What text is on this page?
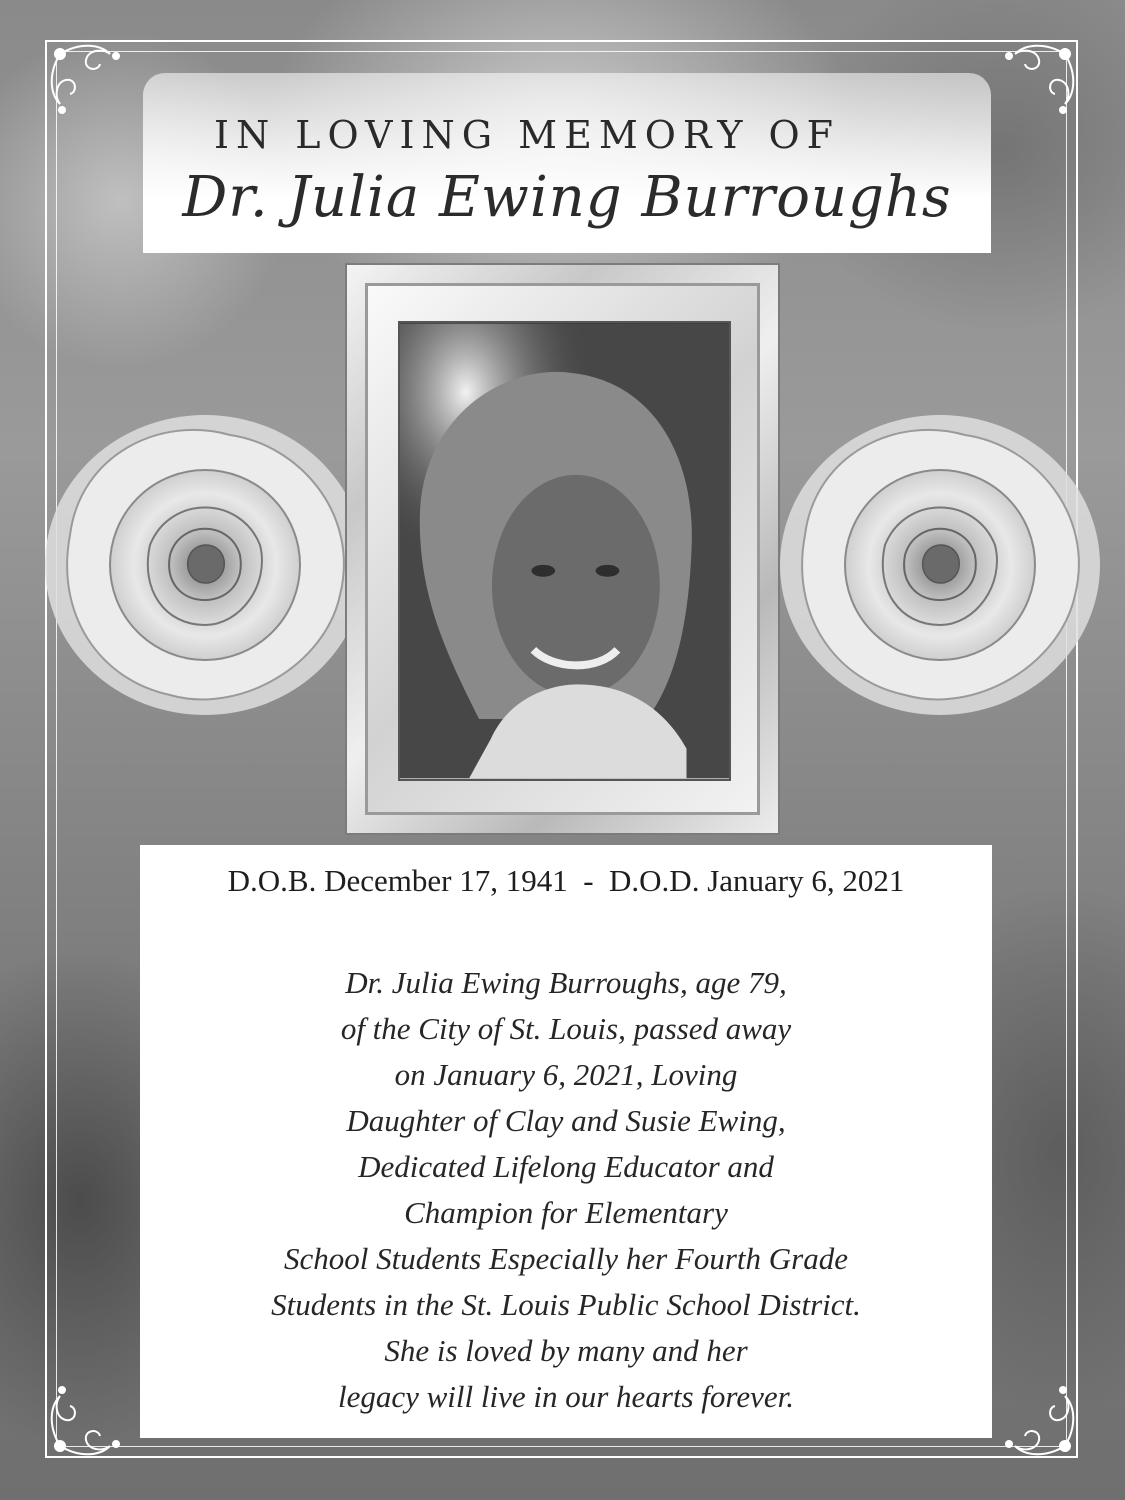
IN LOVING MEMORY OF
Dr. Julia Ewing Burroughs
D.O.B. December 17, 1941 - D.O.D. January 6, 2021
Dr. Julia Ewing Burroughs, age 79,
of the City of St. Louis, passed away
on January 6, 2021, Loving
Daughter of Clay and Susie Ewing,
Dedicated Lifelong Educator and
Champion for Elementary
School Students Especially her Fourth Grade
Students in the St. Louis Public School District.
She is loved by many and her
legacy will live in our hearts forever.
